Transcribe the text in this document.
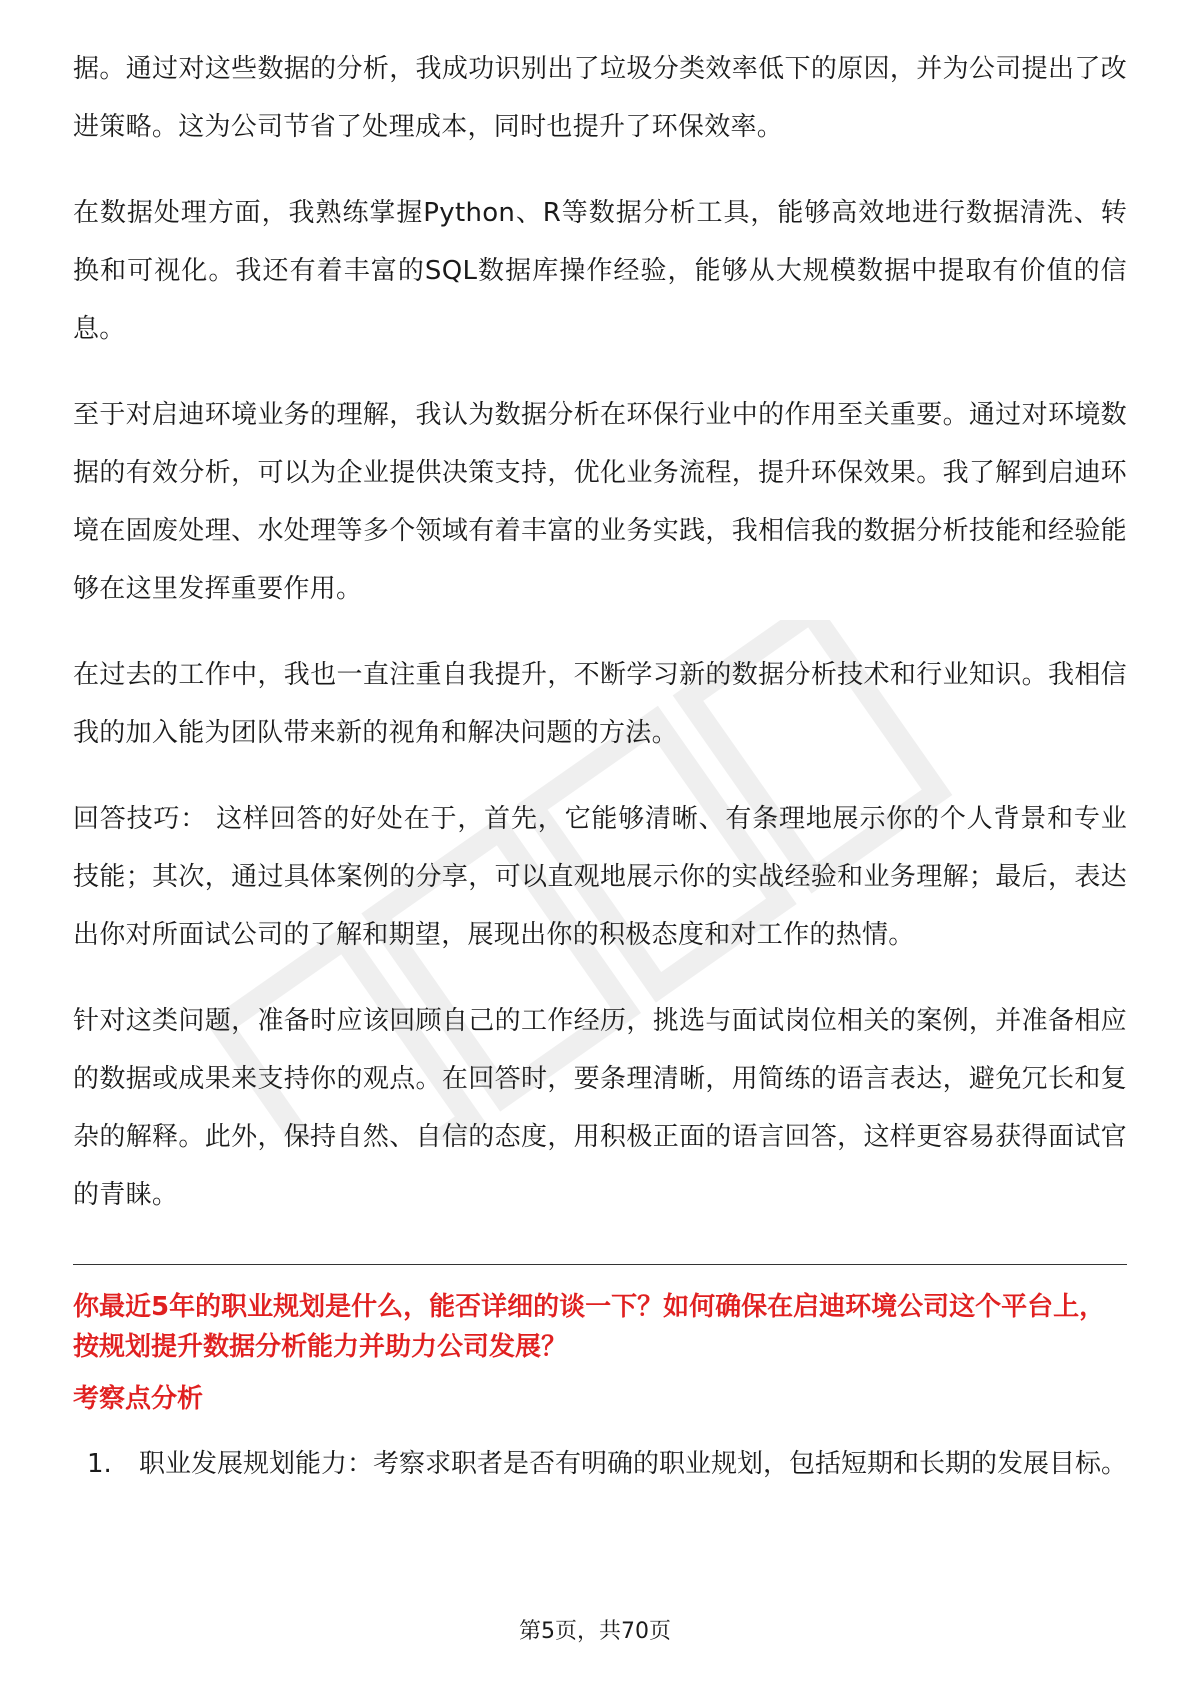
据。通过对这些数据的分析，我成功识别出了垃圾分类效率低下的原因，并为公司提出了改进策略。这为公司节省了处理成本，同时也提升了环保效率。

在数据处理方面，我熟练掌握Python、R等数据分析工具，能够高效地进行数据清洗、转换和可视化。我还有着丰富的SQL数据库操作经验，能够从大规模数据中提取有价值的信息。

至于对启迪环境业务的理解，我认为数据分析在环保行业中的作用至关重要。通过对环境数据的有效分析，可以为企业提供决策支持，优化业务流程，提升环保效果。我了解到启迪环境在固废处理、水处理等多个领域有着丰富的业务实践，我相信我的数据分析技能和经验能够在这里发挥重要作用。

在过去的工作中，我也一直注重自我提升，不断学习新的数据分析技术和行业知识。我相信我的加入能为团队带来新的视角和解决问题的方法。

回答技巧： 这样回答的好处在于，首先，它能够清晰、有条理地展示你的个人背景和专业技能；其次，通过具体案例的分享，可以直观地展示你的实战经验和业务理解；最后，表达出你对所面试公司的了解和期望，展现出你的积极态度和对工作的热情。

针对这类问题，准备时应该回顾自己的工作经历，挑选与面试岗位相关的案例，并准备相应的数据或成果来支持你的观点。在回答时，要条理清晰，用简练的语言表达，避免冗长和复杂的解释。此外，保持自然、自信的态度，用积极正面的语言回答，这样更容易获得面试官的青睐。

你最近5年的职业规划是什么，能否详细的谈一下？如何确保在启迪环境公司这个平台上，按规划提升数据分析能力并助力公司发展？

考察点分析

1.	职业发展规划能力：考察求职者是否有明确的职业规划，包括短期和长期的发展目标。
第5页，共70页
